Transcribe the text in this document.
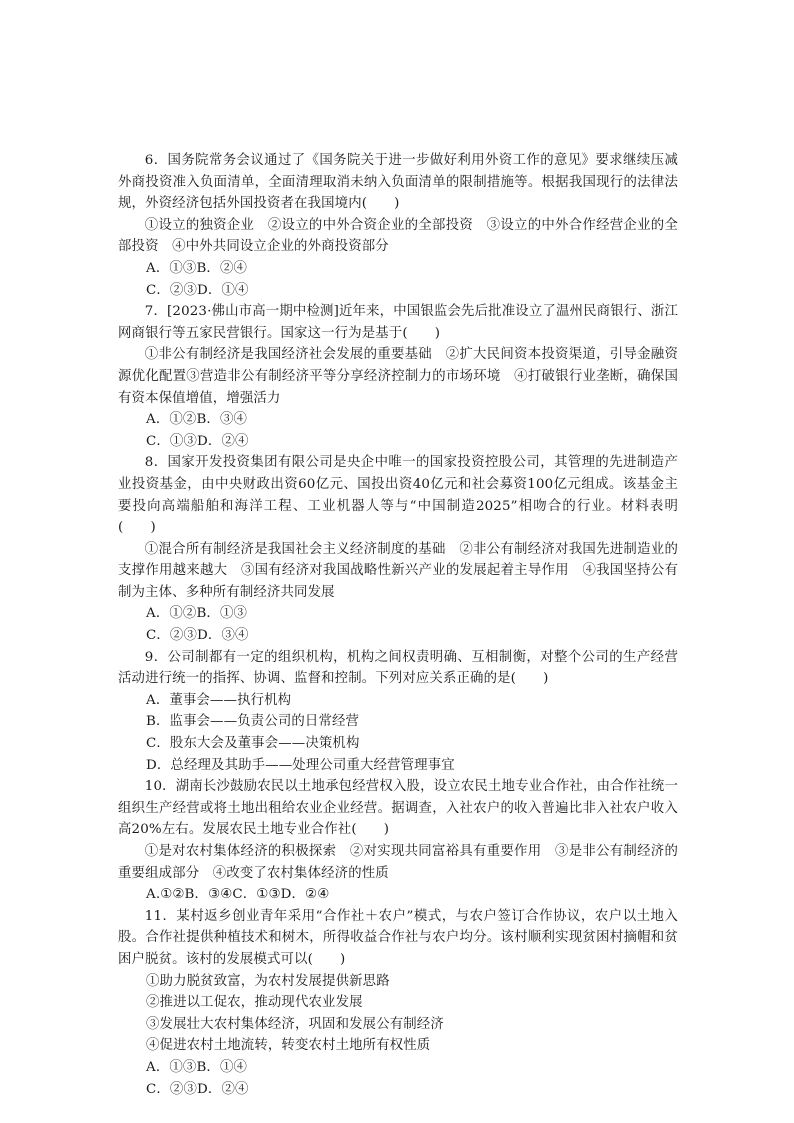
6．国务院常务会议通过了《国务院关于进一步做好利用外资工作的意见》要求继续压减外商投资准入负面清单，全面清理取消未纳入负面清单的限制措施等。根据我国现行的法律法规，外资经济包括外国投资者在我国境内(　　)

①设立的独资企业　②设立的中外合资企业的全部投资　③设立的中外合作经营企业的全部投资　④中外共同设立企业的外商投资部分

A．①③B．②④

C．②③D．①④

7．[2023·佛山市高一期中检测]近年来，中国银监会先后批准设立了温州民商银行、浙江网商银行等五家民营银行。国家这一行为是基于(　　)

①非公有制经济是我国经济社会发展的重要基础　②扩大民间资本投资渠道，引导金融资源优化配置③营造非公有制经济平等分享经济控制力的市场环境　④打破银行业垄断，确保国有资本保值增值，增强活力

A．①②B．③④

C．①③D．②④

8．国家开发投资集团有限公司是央企中唯一的国家投资控股公司，其管理的先进制造产业投资基金，由中央财政出资60亿元、国投出资40亿元和社会募资100亿元组成。该基金主要投向高端船舶和海洋工程、工业机器人等与“中国制造2025”相吻合的行业。材料表明(　　)

①混合所有制经济是我国社会主义经济制度的基础　②非公有制经济对我国先进制造业的支撑作用越来越大　③国有经济对我国战略性新兴产业的发展起着主导作用　④我国坚持公有制为主体、多种所有制经济共同发展

A．①②B．①③

C．②③D．③④

9．公司制都有一定的组织机构，机构之间权责明确、互相制衡，对整个公司的生产经营活动进行统一的指挥、协调、监督和控制。下列对应关系正确的是(　　)

A．董事会——执行机构

B．监事会——负责公司的日常经营

C．股东大会及董事会——决策机构

D．总经理及其助手——处理公司重大经营管理事宜

10．湖南长沙鼓励农民以土地承包经营权入股，设立农民土地专业合作社，由合作社统一组织生产经营或将土地出租给农业企业经营。据调查，入社农户的收入普遍比非入社农户收入高20%左右。发展农民土地专业合作社(　　)

①是对农村集体经济的积极探索　②对实现共同富裕具有重要作用　③是非公有制经济的重要组成部分　④改变了农村集体经济的性质

A.①②B．③④C．①③D．②④

11．某村返乡创业青年采用“合作社＋农户”模式，与农户签订合作协议，农户以土地入股。合作社提供种植技术和树木，所得收益合作社与农户均分。该村顺利实现贫困村摘帽和贫困户脱贫。该村的发展模式可以(　　)

①助力脱贫致富，为农村发展提供新思路

②推进以工促农，推动现代农业发展

③发展壮大农村集体经济，巩固和发展公有制经济

④促进农村土地流转，转变农村土地所有权性质

A．①③B．①④

C．②③D．②④
